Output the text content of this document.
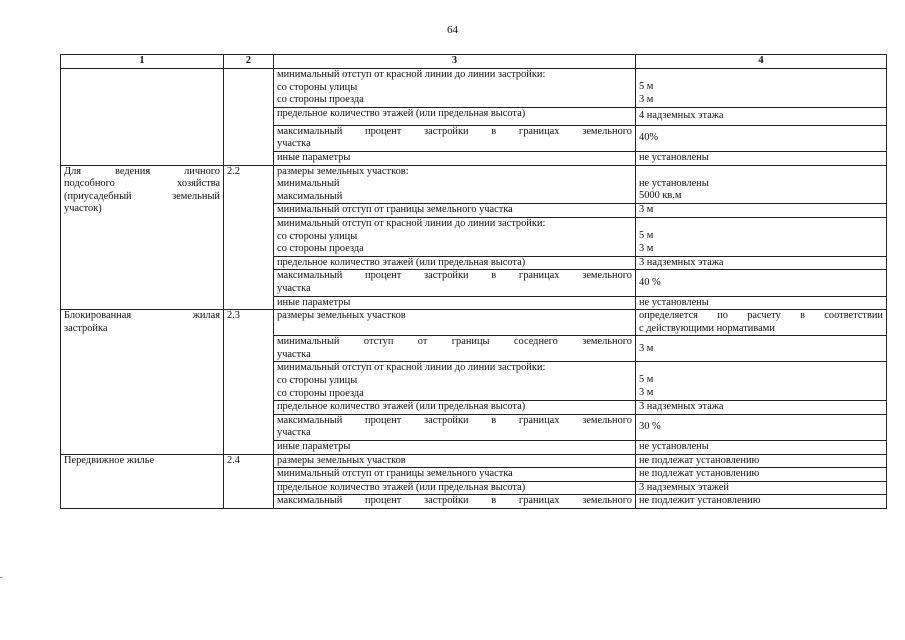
64
1	2	3	4

		минимальный отступ от красной линии до линии застройки:
со стороны улицы
со стороны проезда	5 м
3 м

		предельное количество этажей (или предельная высота)	4 надземных этажа

		максимальный процент застройки в границах земельного
участка	40%
		иные параметры	не установлены

Для ведения личного
подсобного хозяйства
(приусадебный земельный
участок)	2.2	размеры земельных участков:
минимальный
максимальный	не установлены
5000 кв.м

		минимальный отступ от границы земельного участка	3 м

		минимальный отступ от красной линии до линии застройки:
со стороны улицы
со стороны проезда	5 м
3 м

		предельное количество этажей (или предельная высота)	3 надземных этажа

		максимальный процент застройки в границах земельного
участка	40 %
		иные параметры	не установлены

Блокированная жилая
застройка	2.3	размеры земельных участков	определяется по расчету в соответствии
с действующими нормативами

		минимальный отступ от границы соседнего земельного
участка	3 м

		минимальный отступ от красной линии до линии застройки:
со стороны улицы
со стороны проезда	5 м
3 м

		предельное количество этажей (или предельная высота)	3 надземных этажа

		максимальный процент застройки в границах земельного
участка	30 %
		иные параметры	не установлены
Передвижное жилье	2.4	размеры земельных участков	не подлежат установлению
		минимальный отступ от границы земельного участка	не подлежат установлению
		предельное количество этажей (или предельная высота)	3 надземных этажей
		максимальный процент застройки в границах земельного	не подлежит установлению
